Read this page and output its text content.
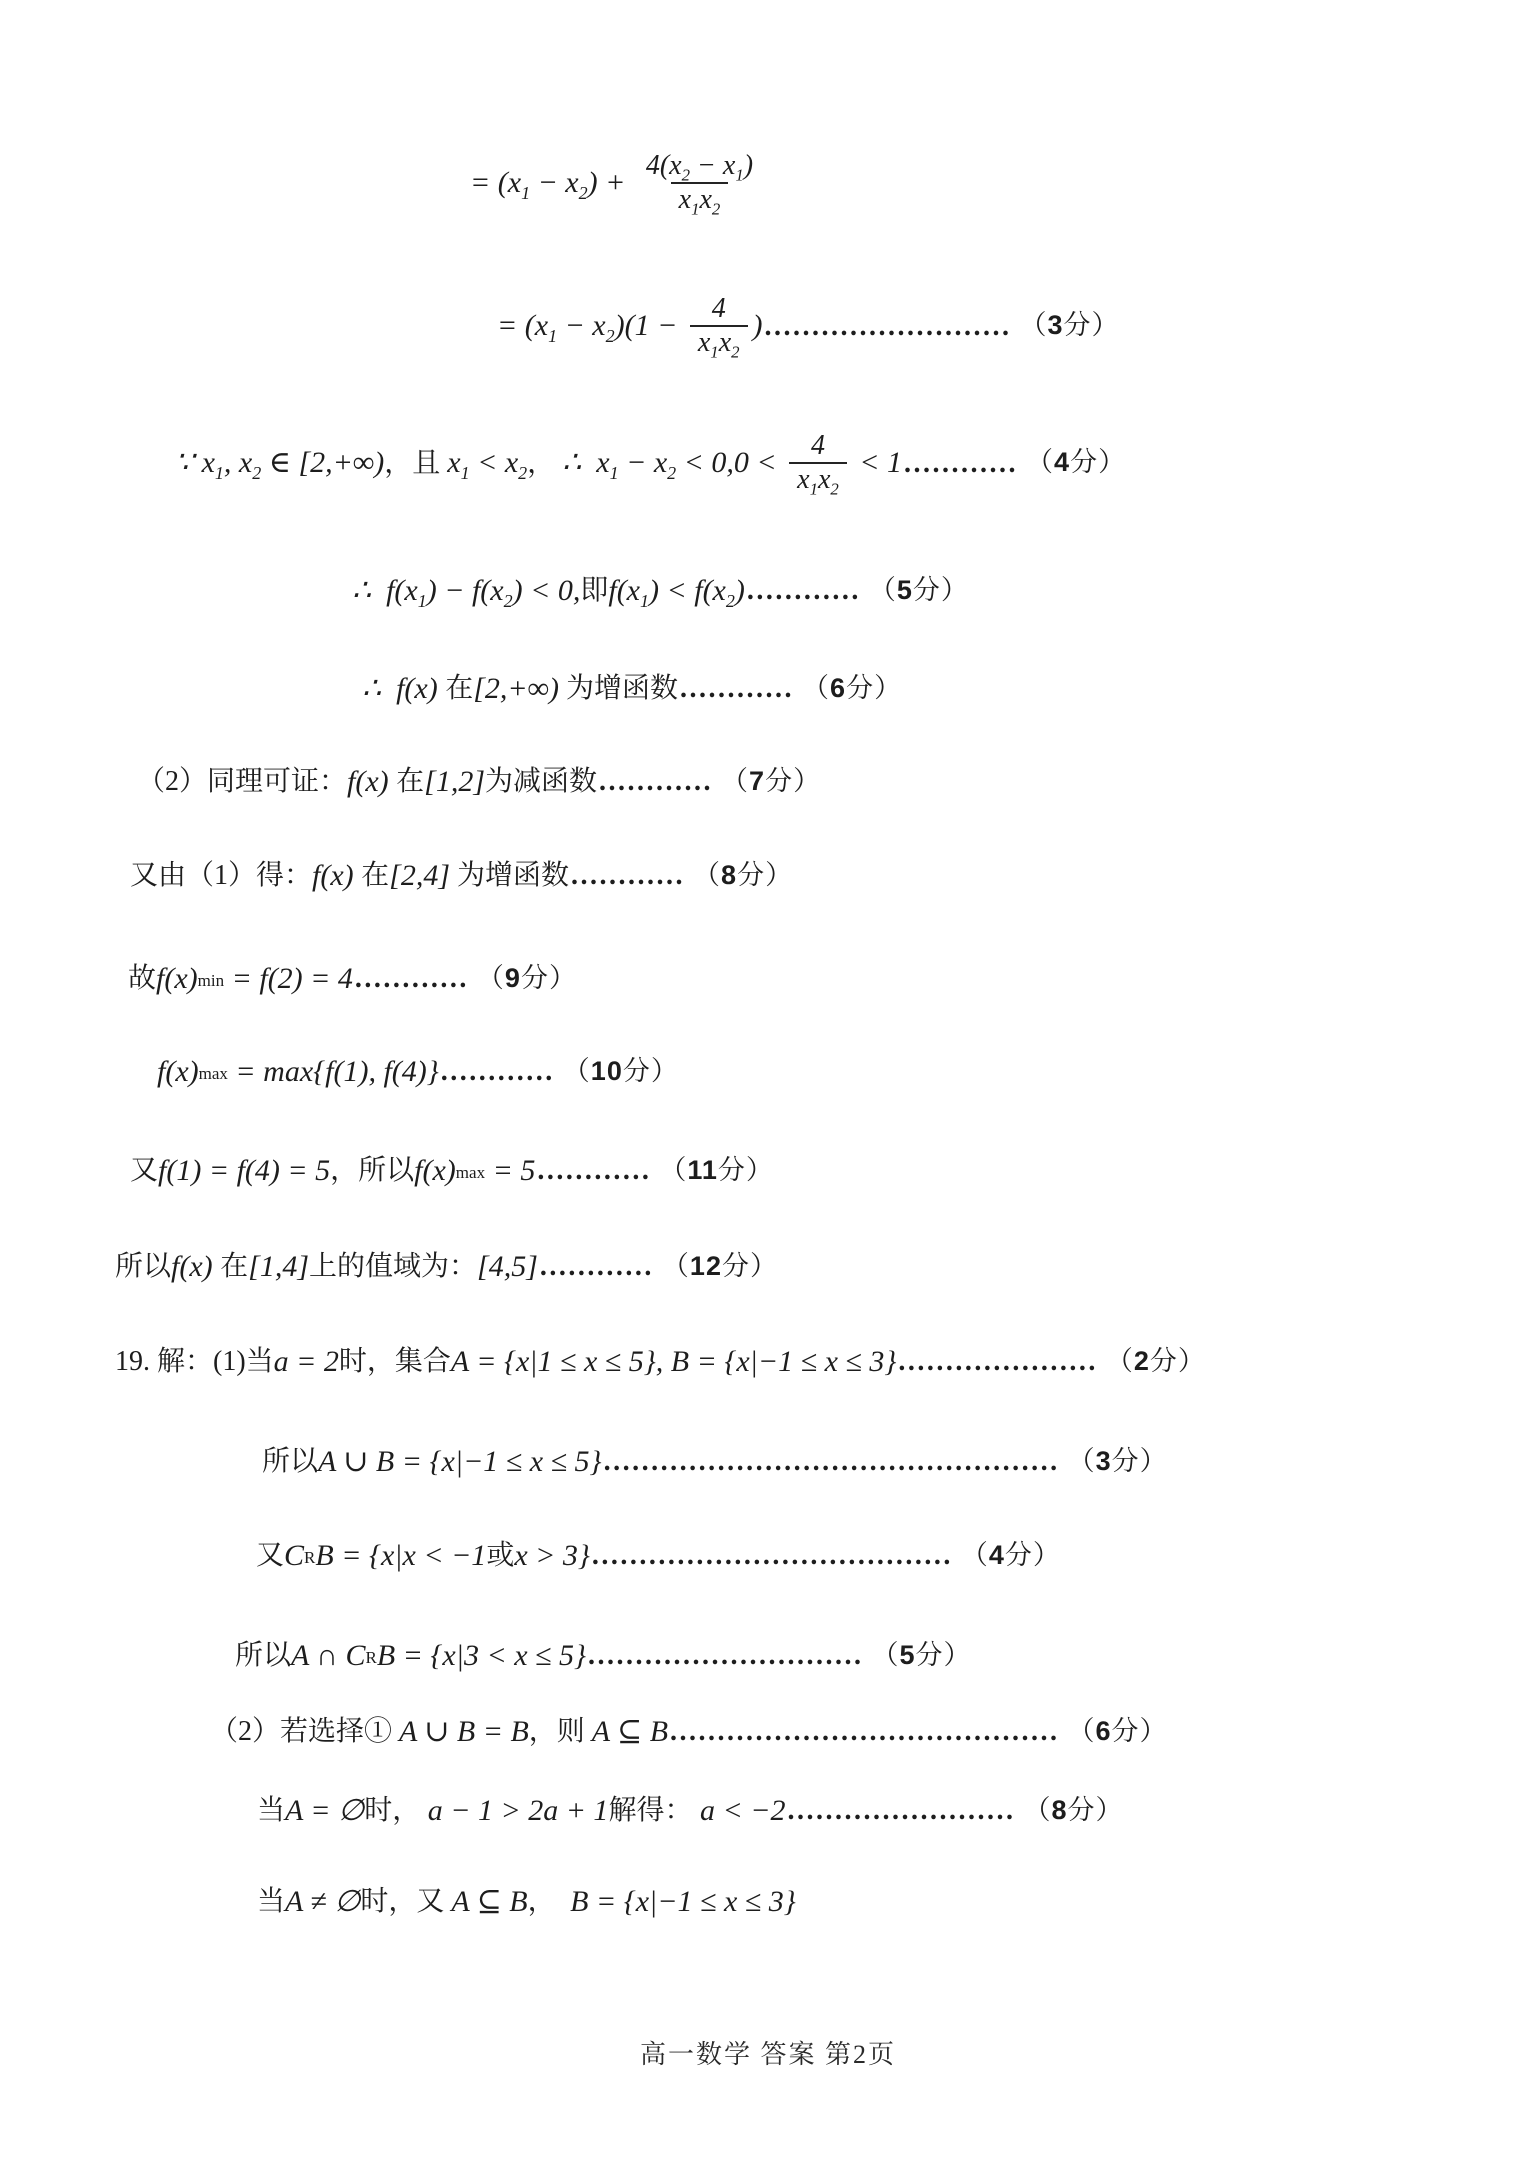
= $(x_1 - x_2) + \frac{4(x_2 - x_1)}{x_1x_2}$
= $(x_1 - x_2)(1 - \frac{4}{x_1x_2}$ ) .......................... （3分）
∵ $x_1$, $x_2$ ∈ [2,+∞) ，且 $x_1 < x_2$ ， ∴  $x_1 - x_2 < 0,0 < \frac{4}{x_1x_2} < 1$ ............ （4分）
∴  $f(x_1) - f(x_2) < 0$, 即 $f(x_1) < f(x_2)$ ............ （5分）
∴  f(x) 在 [2,+∞) 为增函数 ............ （6分）
（2）同理可证： f(x) 在 [1,2] 为减函数 ............ （7分）
又由（1）得： f(x) 在 [2,4] 为增函数 ............ （8分）
故 f(x) min = f(2) = 4 ............ （9分）
f(x) max = max{f(1), f(4)} ............ （10分）
又 f(1) = f(4) = 5 ，所以 f(x) max = 5 ............ （11分）
所以 f(x) 在 [1,4] 上的值域为： [4,5] ............ （12分）
19. 解：(1)当 a = 2 时，集合 A = {x|1 ≤ x ≤ 5}, B = {x|−1 ≤ x ≤ 3} ..................... （2分）
所以 A ∪ B = {x|−1 ≤ x ≤ 5} ................................................ （3分）
又 C R B = {x|x < −1 或 x > 3} ...................................... （4分）
所以 A ∩ C R B = {x|3 < x ≤ 5} ............................. （5分）
（2）若选择① A ∪ B = B ，则 A ⊆ B ......................................... （6分）
当 A = ∅ 时， a − 1 > 2a + 1 解得： a < −2 ........................ （8分）
当 A ≠ ∅ 时，又 A ⊆ B ， B = {x|−1 ≤ x ≤ 3}
高一数学 答案 第2页
